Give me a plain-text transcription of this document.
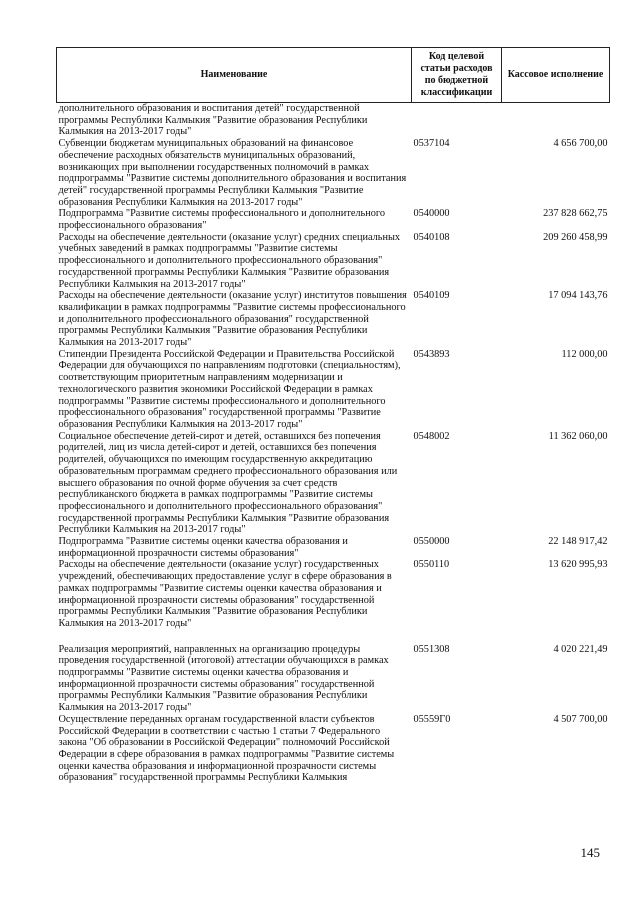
Наименование	Код целевой статьи расходов по бюджетной классификации	Кассовое исполнение
дополнительного образования и воспитания детей" государственной программы Республики Калмыкия "Развитие образования Республики Калмыкия на 2013-2017 годы"		
Субвенции бюджетам муниципальных образований на финансовое обеспечение расходных обязательств муниципальных образований, возникающих при выполнении государственных полномочий в рамках подпрограммы "Развитие системы дополнительного образования и воспитания детей" государственной программы Республики Калмыкия "Развитие образования Республики Калмыкия на 2013-2017 годы"	0537104	4 656 700,00
Подпрограмма "Развитие системы профессионального и дополнительного профессионального образования"	0540000	237 828 662,75
Расходы на обеспечение деятельности (оказание услуг) средних специальных учебных заведений в рамках подпрограммы "Развитие системы профессионального и дополнительного профессионального образования" государственной программы Республики Калмыкия "Развитие образования Республики Калмыкия на 2013-2017 годы"	0540108	209 260 458,99
Расходы на обеспечение деятельности (оказание услуг) институтов повышения квалификации в рамках подпрограммы "Развитие системы профессионального и дополнительного профессионального образования" государственной программы Республики Калмыкия "Развитие образования Республики Калмыкия на 2013-2017 годы"	0540109	17 094 143,76
Стипендии Президента Российской Федерации и Правительства Российской Федерации для обучающихся по направлениям подготовки (специальностям), соответствующим приоритетным направлениям модернизации и технологического развития экономики Российской Федерации в рамках подпрограммы "Развитие системы профессионального и дополнительного профессионального образования" государственной программы "Развитие образования Республики Калмыкия на 2013-2017 годы"	0543893	112 000,00
Социальное обеспечение детей-сирот и детей, оставшихся без попечения родителей, лиц из числа детей-сирот и детей, оставшихся без попечения родителей, обучающихся по имеющим государственную аккредитацию образовательным программам среднего профессионального образования или высшего образования по очной форме обучения за счет средств республиканского бюджета в рамках подпрограммы "Развитие системы профессионального и дополнительного профессионального образования" государственной программы Республики Калмыкия "Развитие образования Республики Калмыкия на 2013-2017 годы"	0548002	11 362 060,00
Подпрограмма "Развитие системы оценки качества образования и информационной прозрачности системы образования"	0550000	22 148 917,42
Расходы на обеспечение деятельности (оказание услуг) государственных учреждений, обеспечивающих предоставление услуг в сфере образования в рамках подпрограммы "Развитие системы оценки качества образования и информационной прозрачности системы образования" государственной программы Республики Калмыкия "Развитие образования Республики Калмыкия на 2013-2017 годы"	0550110	13 620 995,93

Реализация мероприятий, направленных на организацию процедуры проведения государственной (итоговой) аттестации обучающихся в рамках подпрограммы "Развитие системы оценки качества образования и информационной прозрачности системы образования" государственной программы Республики Калмыкия "Развитие образования Республики Калмыкия на 2013-2017 годы"	0551308	4 020 221,49
Осуществление переданных органам государственной власти субъектов Российской Федерации в соответствии с частью 1 статьи 7 Федерального закона "Об образовании в Российской Федерации" полномочий Российской Федерации в сфере образования в рамках подпрограммы "Развитие системы оценки качества образования и информационной прозрачности системы образования" государственной программы Республики Калмыкия	05559Г0	4 507 700,00
145
